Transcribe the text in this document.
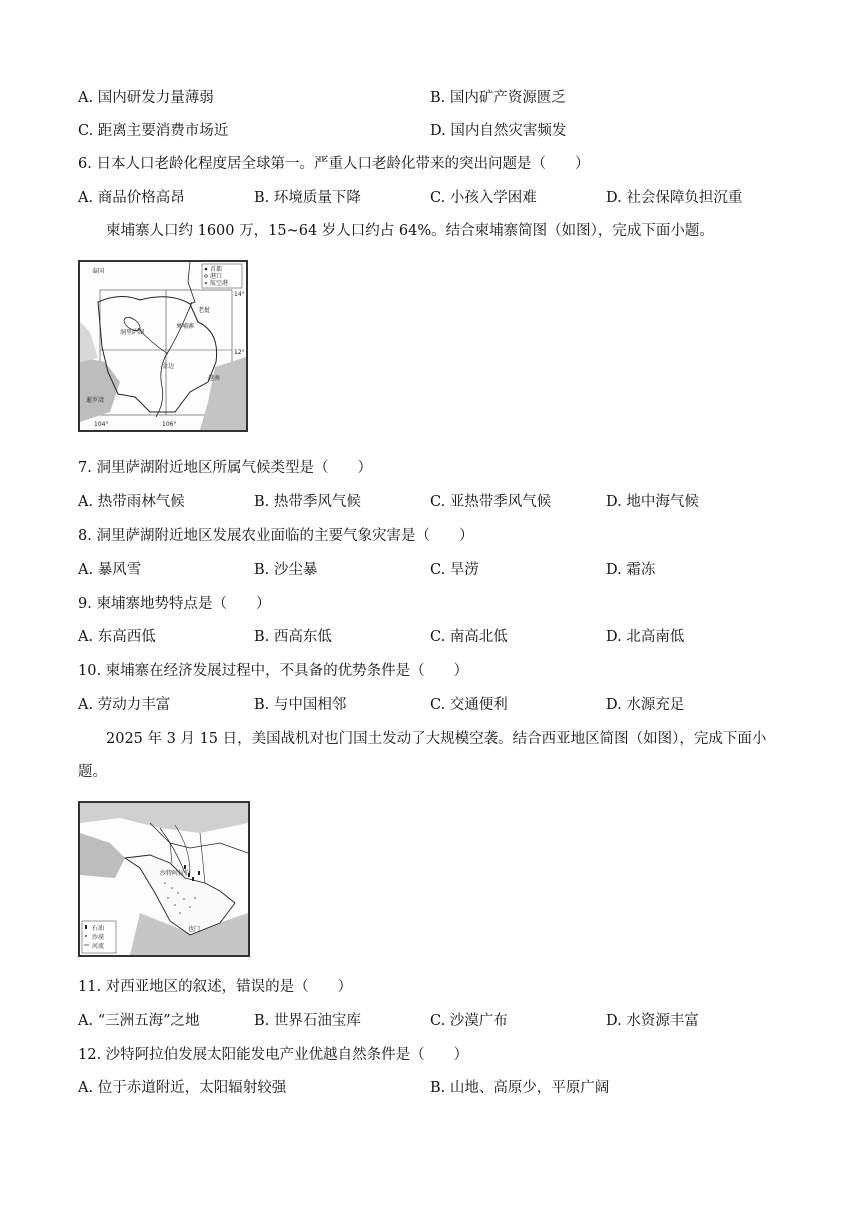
A. 国内研发力量薄弱	B. 国内矿产资源匮乏
C. 距离主要消费市场近	D. 国内自然灾害频发
6. 日本人口老龄化程度居全球第一。严重人口老龄化带来的突出问题是（　　）
A. 商品价格高昂	B. 环境质量下降	C. 小孩入学困难	D. 社会保障负担沉重
柬埔寨人口约 1600 万，15~64 岁人口约占 64%。结合柬埔寨简图（如图），完成下面小题。
首都
港口
航空港
泰国
洞里萨湖
柬埔寨
老挝
越南
金边
暹罗湾
14°
12°
104°	106°
7. 洞里萨湖附近地区所属气候类型是（　　）
A. 热带雨林气候	B. 热带季风气候	C. 亚热带季风气候	D. 地中海气候
8. 洞里萨湖附近地区发展农业面临的主要气象灾害是（　　）
A. 暴风雪	B. 沙尘暴	C. 旱涝	D. 霜冻
9. 柬埔寨地势特点是（　　）
A. 东高西低	B. 西高东低	C. 南高北低	D. 北高南低
10. 柬埔寨在经济发展过程中，不具备的优势条件是（　　）
A. 劳动力丰富	B. 与中国相邻	C. 交通便利	D. 水源充足
2025 年 3 月 15 日，美国战机对也门国土发动了大规模空袭。结合西亚地区简图（如图），完成下面小
题。
沙特阿拉伯
也门
石油
沙漠
河流
11. 对西亚地区的叙述，错误的是（　　）
A. “三洲五海”之地	B. 世界石油宝库	C. 沙漠广布	D. 水资源丰富
12. 沙特阿拉伯发展太阳能发电产业优越自然条件是（　　）
A. 位于赤道附近，太阳辐射较强	B. 山地、高原少，平原广阔
